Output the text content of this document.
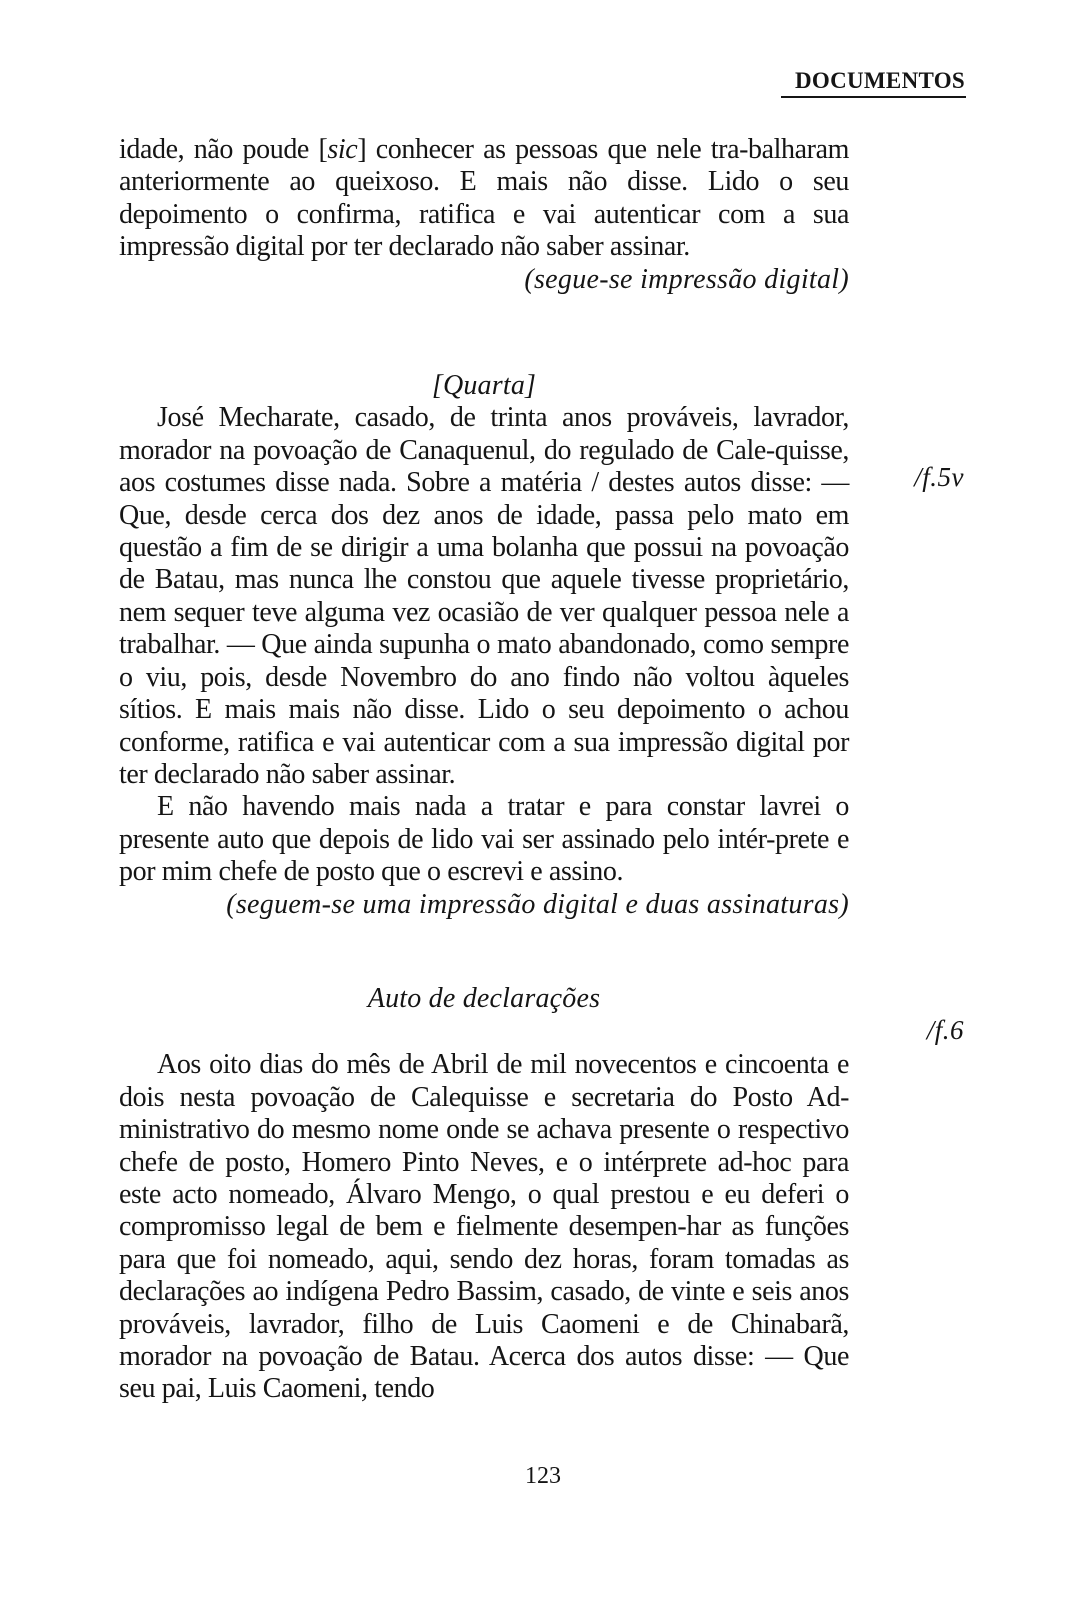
DOCUMENTOS

idade, não poude [sic] conhecer as pessoas que nele tra-balharam anteriormente ao queixoso. E mais não disse. Lido o seu depoimento o confirma, ratifica e vai autenticar com a sua impressão digital por ter declarado não saber assinar.

(segue-se impressão digital)

[Quarta]

José Mecharate, casado, de trinta anos prováveis, lavrador, morador na povoação de Canaquenul, do regulado de Cale-quisse, aos costumes disse nada. Sobre a matéria / destes autos disse: — Que, desde cerca dos dez anos de idade, passa pelo mato em questão a fim de se dirigir a uma bolanha que possui na povoação de Batau, mas nunca lhe constou que aquele tivesse proprietário, nem sequer teve alguma vez ocasião de ver qualquer pessoa nele a trabalhar. — Que ainda supunha o mato abandonado, como sempre o viu, pois, desde Novembro do ano findo não voltou àqueles sítios. E mais mais não disse. Lido o seu depoimento o achou conforme, ratifica e vai autenticar com a sua impressão digital por ter declarado não saber assinar.

E não havendo mais nada a tratar e para constar lavrei o presente auto que depois de lido vai ser assinado pelo intér-prete e por mim chefe de posto que o escrevi e assino.

(seguem-se uma impressão digital e duas assinaturas)

Auto de declarações

Aos oito dias do mês de Abril de mil novecentos e cincoenta e dois nesta povoação de Calequisse e secretaria do Posto Ad-ministrativo do mesmo nome onde se achava presente o respectivo chefe de posto, Homero Pinto Neves, e o intérprete ad-hoc para este acto nomeado, Álvaro Mengo, o qual prestou e eu deferi o compromisso legal de bem e fielmente desempen-har as funções para que foi nomeado, aqui, sendo dez horas, foram tomadas as declarações ao indígena Pedro Bassim, casado, de vinte e seis anos prováveis, lavrador, filho de Luis Caomeni e de Chinabarã, morador na povoação de Batau. Acerca dos autos disse: — Que seu pai, Luis Caomeni, tendo

/f.5v
/f.6
123
